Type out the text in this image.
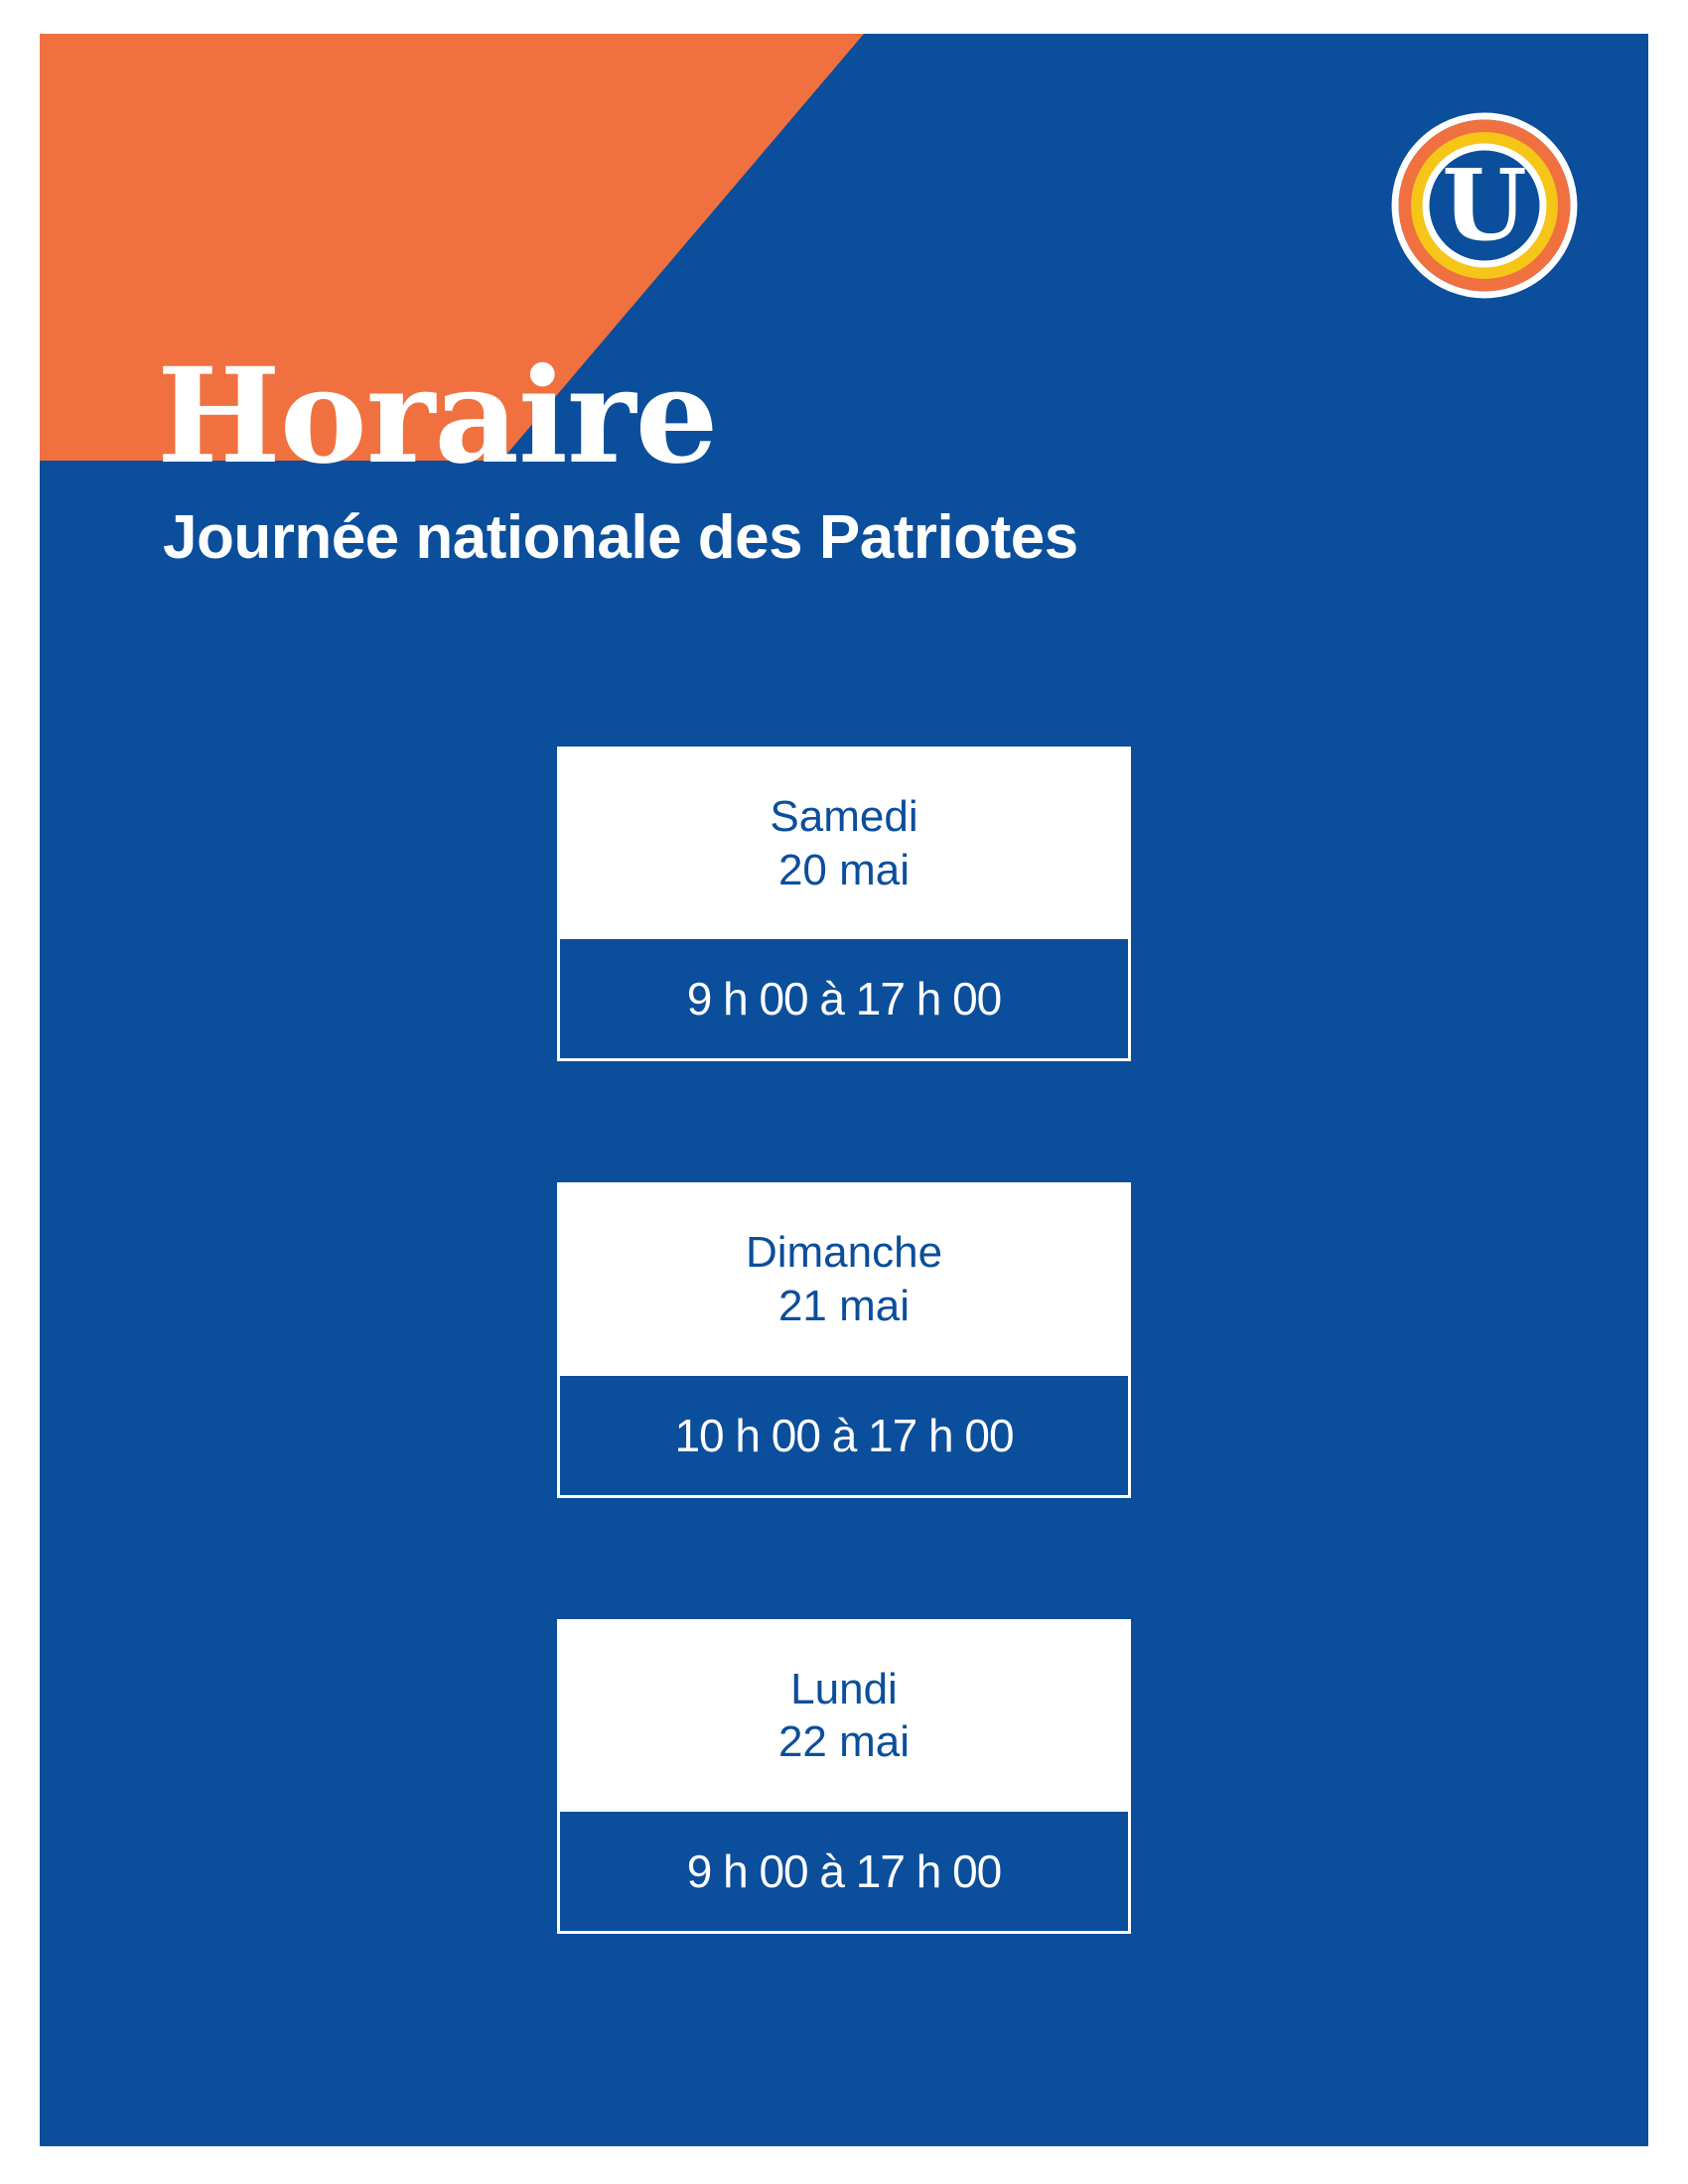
U
Horaire
Journée nationale des Patriotes
Samedi
20 mai
9 h 00 à 17 h 00
Dimanche
21 mai
10 h 00 à 17 h 00
Lundi
22 mai
9 h 00 à 17 h 00
